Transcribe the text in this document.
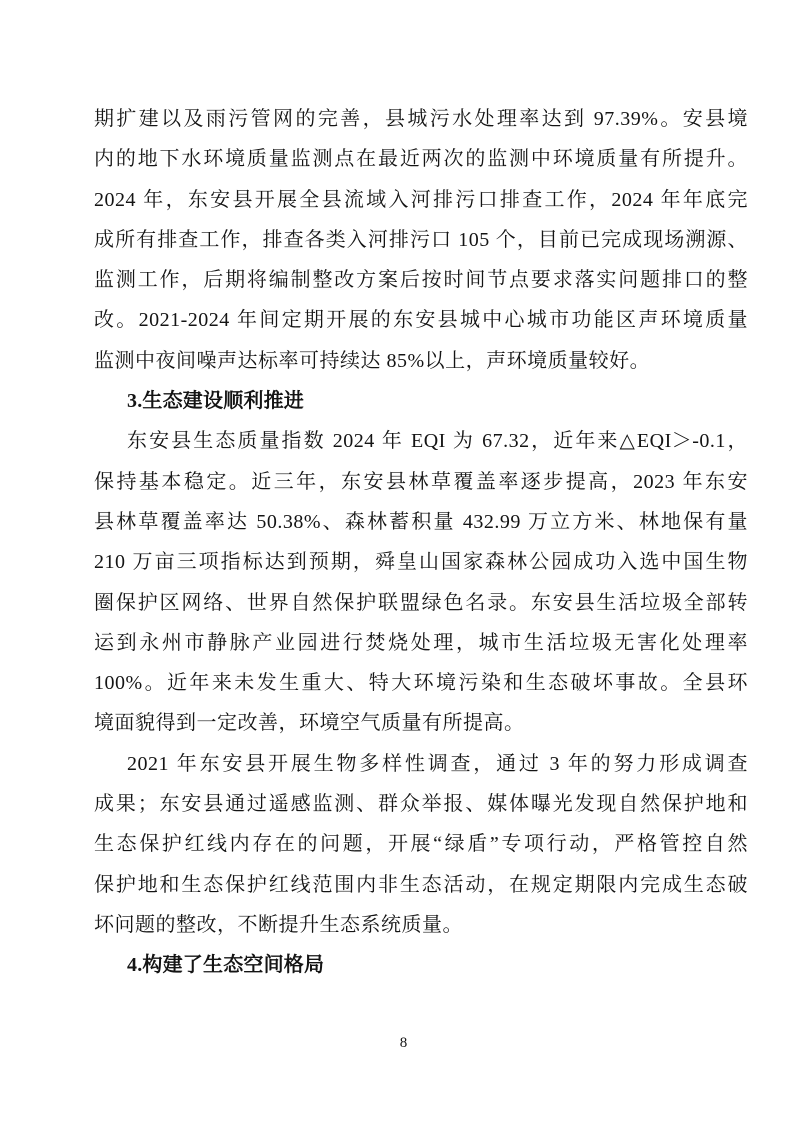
期扩建以及雨污管网的完善，县城污水处理率达到 97.39%。安县境
内的地下水环境质量监测点在最近两次的监测中环境质量有所提升。
2024 年，东安县开展全县流域入河排污口排查工作，2024 年年底完
成所有排查工作，排查各类入河排污口 105 个，目前已完成现场溯源、
监测工作，后期将编制整改方案后按时间节点要求落实问题排口的整
改。2021-2024 年间定期开展的东安县城中心城市功能区声环境质量
监测中夜间噪声达标率可持续达 85%以上，声环境质量较好。
3.生态建设顺利推进
东安县生态质量指数 2024 年 EQI 为 67.32，近年来△EQI＞-0.1，
保持基本稳定。近三年，东安县林草覆盖率逐步提高，2023 年东安
县林草覆盖率达 50.38%、森林蓄积量 432.99 万立方米、林地保有量
210 万亩三项指标达到预期，舜皇山国家森林公园成功入选中国生物
圈保护区网络、世界自然保护联盟绿色名录。东安县生活垃圾全部转
运到永州市静脉产业园进行焚烧处理，城市生活垃圾无害化处理率
100%。近年来未发生重大、特大环境污染和生态破坏事故。全县环
境面貌得到一定改善，环境空气质量有所提高。
2021 年东安县开展生物多样性调查，通过 3 年的努力形成调查
成果；东安县通过遥感监测、群众举报、媒体曝光发现自然保护地和
生态保护红线内存在的问题，开展“绿盾”专项行动，严格管控自然
保护地和生态保护红线范围内非生态活动，在规定期限内完成生态破
坏问题的整改，不断提升生态系统质量。
4.构建了生态空间格局
8
